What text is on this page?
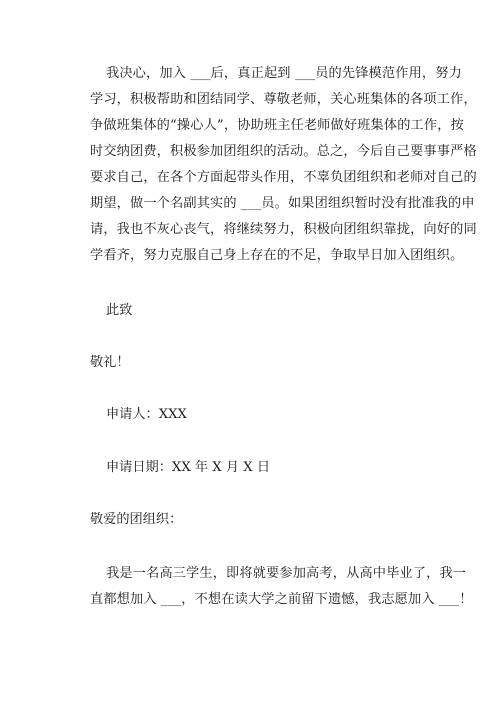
我决心，加入 ___后，真正起到 ___员的先锋模范作用，努力
学习，积极帮助和团结同学、尊敬老师，关心班集体的各项工作，
争做班集体的“操心人”，协助班主任老师做好班集体的工作，按
时交纳团费，积极参加团组织的活动。总之，今后自己要事事严格
要求自己，在各个方面起带头作用，不辜负团组织和老师对自己的
期望，做一个名副其实的 ___员。如果团组织暂时没有批准我的申
请，我也不灰心丧气，将继续努力，积极向团组织靠拢，向好的同
学看齐，努力克服自己身上存在的不足，争取早日加入团组织。
此致
敬礼！
申请人：XXX
申请日期：XX 年 X 月 X 日
敬爱的团组织：
我是一名高三学生，即将就要参加高考，从高中毕业了，我一
直都想加入 ___，不想在读大学之前留下遗憾，我志愿加入 ___！
